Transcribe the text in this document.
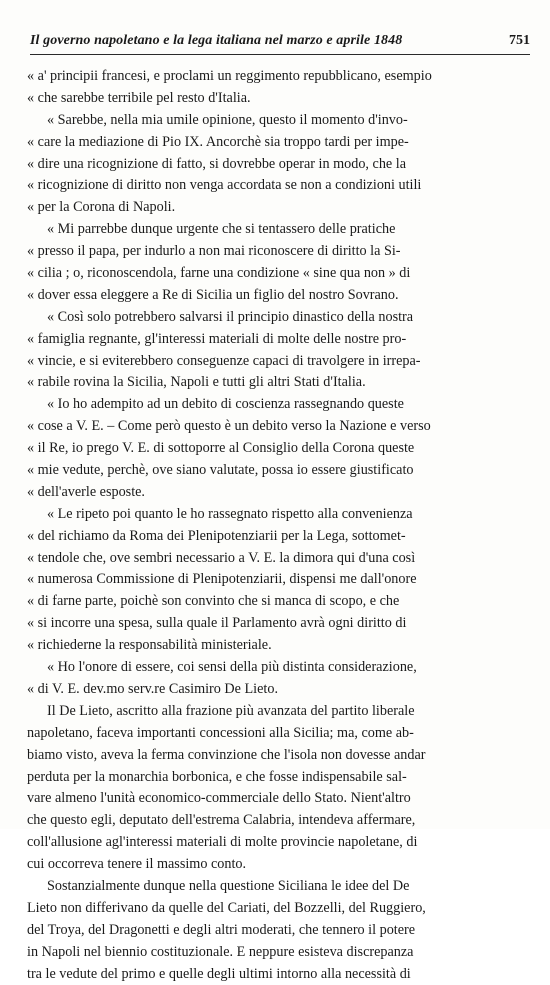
Il governo napoletano e la lega italiana nel marzo e aprile 1848	751
« a' principii francesi, e proclami un reggimento repubblicano, esempio
« che sarebbe terribile pel resto d'Italia.
« Sarebbe, nella mia umile opinione, questo il momento d'invo-
« care la mediazione di Pio IX. Ancorchè sia troppo tardi per impe-
« dire una ricognizione di fatto, si dovrebbe operar in modo, che la
« ricognizione di diritto non venga accordata se non a condizioni utili
« per la Corona di Napoli.
« Mi parrebbe dunque urgente che si tentassero delle pratiche
« presso il papa, per indurlo a non mai riconoscere di diritto la Si-
« cilia ; o, riconoscendola, farne una condizione « sine qua non » di
« dover essa eleggere a Re di Sicilia un figlio del nostro Sovrano.
« Così solo potrebbero salvarsi il principio dinastico della nostra
« famiglia regnante, gl'interessi materiali di molte delle nostre pro-
« vincie, e si eviterebbero conseguenze capaci di travolgere in irrepa-
« rabile rovina la Sicilia, Napoli e tutti gli altri Stati d'Italia.
« Io ho adempito ad un debito di coscienza rassegnando queste
« cose a V. E. – Come però questo è un debito verso la Nazione e verso
« il Re, io prego V. E. di sottoporre al Consiglio della Corona queste
« mie vedute, perchè, ove siano valutate, possa io essere giustificato
« dell'averle esposte.
« Le ripeto poi quanto le ho rassegnato rispetto alla convenienza
« del richiamo da Roma dei Plenipotenziarii per la Lega, sottomet-
« tendole che, ove sembri necessario a V. E. la dimora qui d'una così
« numerosa Commissione di Plenipotenziarii, dispensi me dall'onore
« di farne parte, poichè son convinto che si manca di scopo, e che
« si incorre una spesa, sulla quale il Parlamento avrà ogni diritto di
« richiederne la responsabilità ministeriale.
« Ho l'onore di essere, coi sensi della più distinta considerazione,
« di V. E. dev.mo serv.re Casimiro De Lieto.
Il De Lieto, ascritto alla frazione più avanzata del partito liberale
napoletano, faceva importanti concessioni alla Sicilia; ma, come ab-
biamo visto, aveva la ferma convinzione che l'isola non dovesse andar
perduta per la monarchia borbonica, e che fosse indispensabile sal-
vare almeno l'unità economico-commerciale dello Stato. Nient'altro
che questo egli, deputato dell'estrema Calabria, intendeva affermare,
coll'allusione agl'interessi materiali di molte provincie napoletane, di
cui occorreva tenere il massimo conto.
Sostanzialmente dunque nella questione Siciliana le idee del De
Lieto non differivano da quelle del Cariati, del Bozzelli, del Ruggiero,
del Troya, del Dragonetti e degli altri moderati, che tennero il potere
in Napoli nel biennio costituzionale. E neppure esisteva discrepanza
tra le vedute del primo e quelle degli ultimi intorno alla necessità di
